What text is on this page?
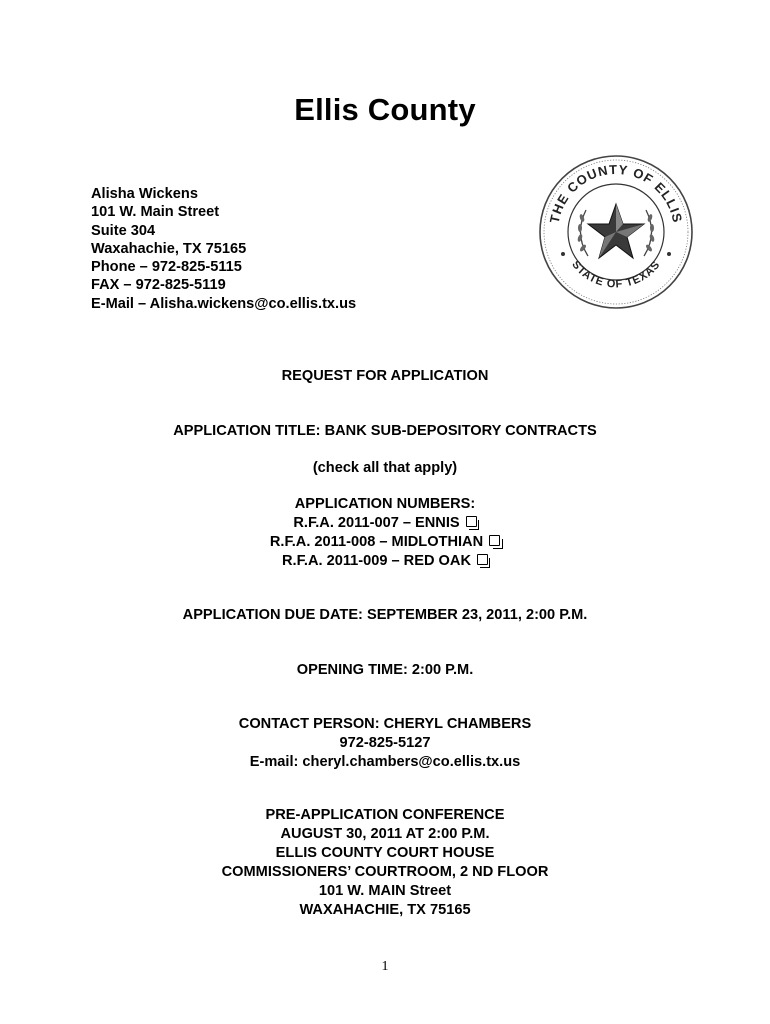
Ellis County
Alisha Wickens
101 W. Main Street
Suite 304
Waxahachie, TX 75165
Phone – 972-825-5115
FAX – 972-825-5119
E-Mail – Alisha.wickens@co.ellis.tx.us
THE COUNTY OF ELLIS
STATE OF TEXAS
REQUEST FOR APPLICATION
APPLICATION TITLE: BANK SUB-DEPOSITORY CONTRACTS
(check all that apply)
APPLICATION NUMBERS:
R.F.A. 2011-007 – ENNIS
R.F.A. 2011-008 – MIDLOTHIAN
R.F.A. 2011-009 – RED OAK
APPLICATION DUE DATE: SEPTEMBER 23, 2011, 2:00 P.M.
OPENING TIME: 2:00 P.M.
CONTACT PERSON: CHERYL CHAMBERS
972-825-5127
E-mail: cheryl.chambers@co.ellis.tx.us
PRE-APPLICATION CONFERENCE
AUGUST 30, 2011 AT 2:00 P.M.
ELLIS COUNTY COURT HOUSE
COMMISSIONERS’ COURTROOM, 2 ND FLOOR
101 W. MAIN Street
WAXAHACHIE, TX 75165
1
